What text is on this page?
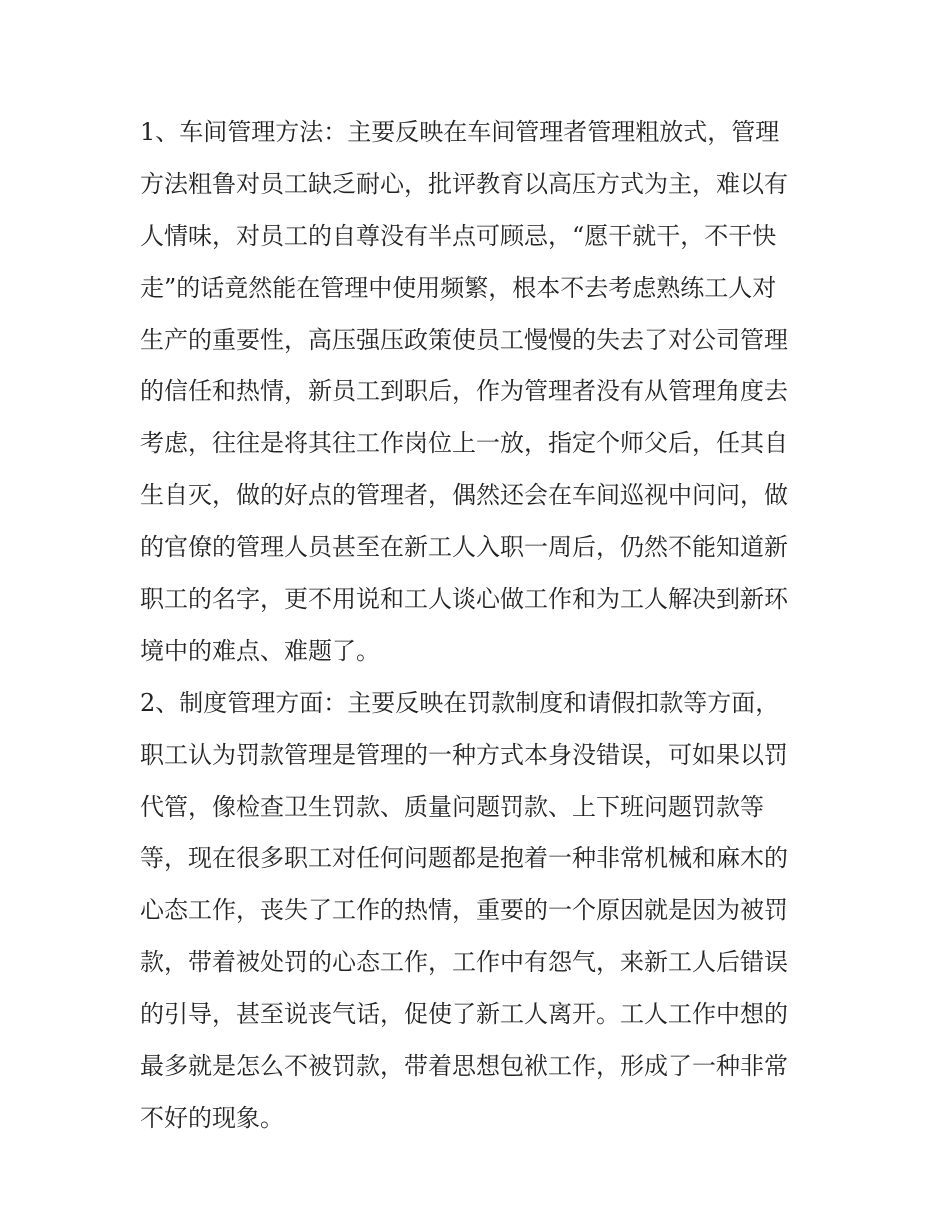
1、车间管理方法：主要反映在车间管理者管理粗放式，管理
方法粗鲁对员工缺乏耐心，批评教育以高压方式为主，难以有
人情味，对员工的自尊没有半点可顾忌，“愿干就干，不干快
走”的话竟然能在管理中使用频繁，根本不去考虑熟练工人对
生产的重要性，高压强压政策使员工慢慢的失去了对公司管理
的信任和热情，新员工到职后，作为管理者没有从管理角度去
考虑，往往是将其往工作岗位上一放，指定个师父后，任其自
生自灭，做的好点的管理者，偶然还会在车间巡视中问问，做
的官僚的管理人员甚至在新工人入职一周后，仍然不能知道新
职工的名字，更不用说和工人谈心做工作和为工人解决到新环
境中的难点、难题了。
2、制度管理方面：主要反映在罚款制度和请假扣款等方面，
职工认为罚款管理是管理的一种方式本身没错误，可如果以罚
代管，像检查卫生罚款、质量问题罚款、上下班问题罚款等
等，现在很多职工对任何问题都是抱着一种非常机械和麻木的
心态工作，丧失了工作的热情，重要的一个原因就是因为被罚
款，带着被处罚的心态工作，工作中有怨气，来新工人后错误
的引导，甚至说丧气话，促使了新工人离开。工人工作中想的
最多就是怎么不被罚款，带着思想包袱工作，形成了一种非常
不好的现象。
